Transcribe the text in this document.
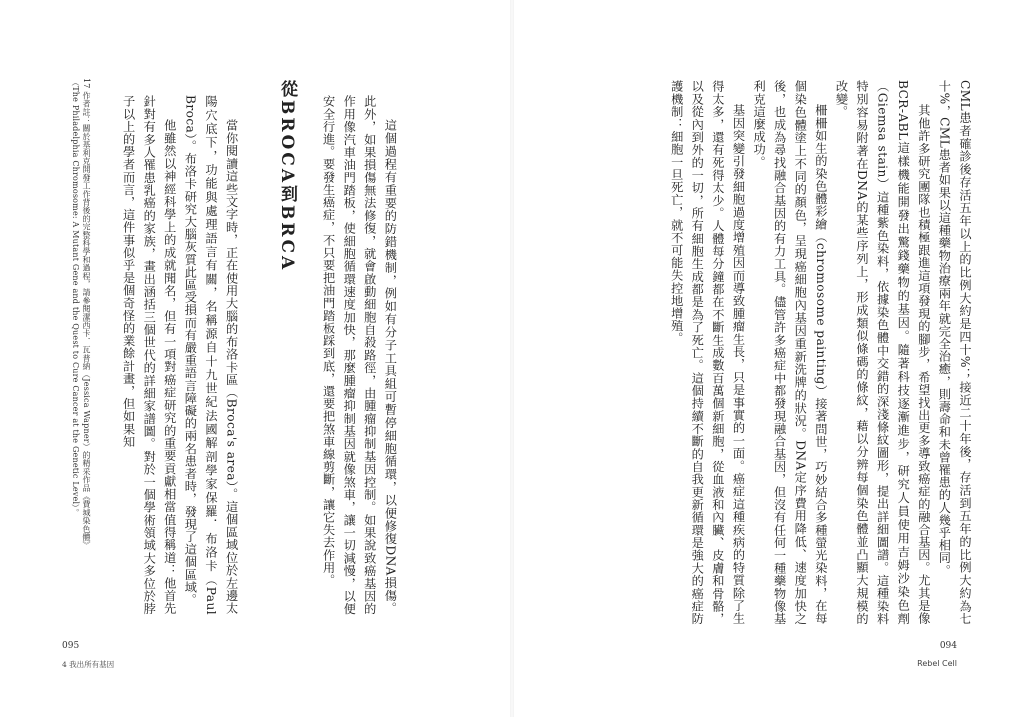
這個過程有重要的防錯機制，例如有分子工具組可暫停細胞循環，以便修復DNA損傷。此外，如果損傷無法修復，就會啟動細胞自殺路徑，由腫瘤抑制基因控制。如果說致癌基因的作用像汽車油門踏板，使細胞循環速度加快，那麼腫瘤抑制基因就像煞車，讓一切減慢，以便安全行進。要發生癌症，不只要把油門踏板踩到底，還要把煞車線剪斷，讓它失去作用。

從BROCA到BRCA

當你閱讀這些文字時，正在使用大腦的布洛卡區（Broca's area）。這個區域位於左邊太陽穴底下，功能與處理語言有關，名稱源自十九世紀法國解剖學家保羅．布洛卡（Paul Broca）。布洛卡研究大腦灰質此區受損而有嚴重語言障礙的兩名患者時，發現了這個區域。

他雖然以神經科學上的成就聞名，但有一項對癌症研究的重要貢獻相當值得稱道：他首先針對有多人罹患乳癌的家族，畫出涵括三個世代的詳細家譜圖。對於一個學術領域大多位於脖子以上的學者而言，這件事似乎是個奇怪的業餘計畫，但如果知

17 作者註：關於基利克開發工作背後的完整科學和過程，請參閱潔西卡．瓦普納（Jessica Wapner）的精采作品《費城染色體》（The Philadelphia Chromosome: A Mutant Gene and the Quest to Cure Cancer at the Genetic Level）。
095
4 我出所有基因

CML患者確診後存活五年以上的比例大約是四十%；接近二十年後，存活到五年的比例大約為七十%，CML患者如果以這種藥物治療兩年就完全治癒，則壽命和未曾罹患的人幾乎相同。

其他許多研究團隊也積極跟進這項發現的腳步，希望找出更多導致癌症的融合基因。尤其是像BCR-ABL這樣機能開發出驚錢藥物的基因。隨著科技逐漸進步，研究人員使用吉姆沙染色劑（Giemsa stain）這種紫色染料，依據染色體中交錯的深淺條紋圖形，提出詳細圖譜。這種染料特別容易附著在DNA的某些序列上，形成類似條碼的條紋，藉以分辨每個染色體並凸顯大規模的改變。

柵柵如生的染色體彩繪（chromosome painting）接著問世，巧妙結合多種螢光染料，在每個染色體塗上不同的顏色，呈現癌細胞內基因重新洗牌的狀況。DNA定序費用降低、速度加快之後，也成為尋找融合基因的有力工具。儘管許多癌症中都發現融合基因，但沒有任何一種藥物像基利克這麼成功。

基因突變引發細胞過度增殖因而導致腫瘤生長，只是事實的一面。癌症這種疾病的特質除了生得太多，還有死得太少。人體每分鐘都在不斷生成數百萬個新細胞，從血液和內臟、皮膚和骨骼，以及從內到外的一切，所有細胞生成都是為了死亡。這個持續不斷的自我更新循環是強大的癌症防護機制：細胞一旦死亡，就不可能失控地增殖。

094
Rebel Cell
